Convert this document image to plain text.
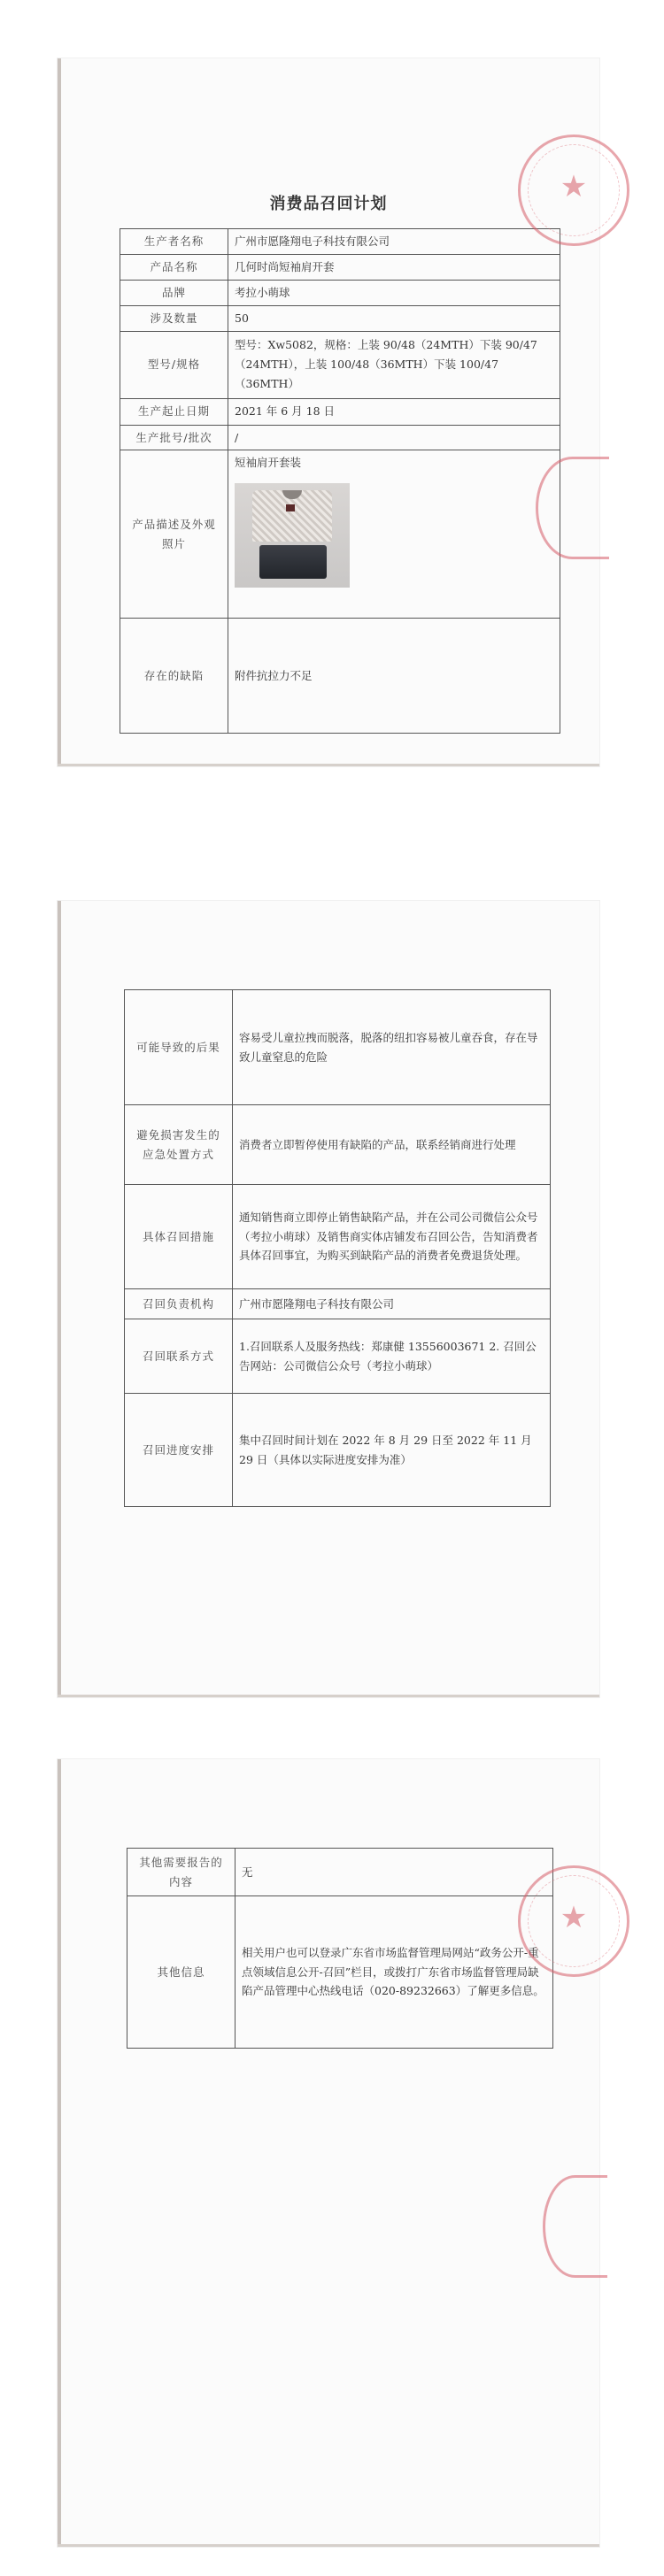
消费品召回计划
生产者名称	广州市愿隆翔电子科技有限公司
产品名称	几何时尚短袖肩开套
品牌	考拉小萌球
涉及数量	50
型号/规格	型号：Xw5082，规格：上装 90/48（24MTH）下装 90/47（24MTH），上装 100/48（36MTH）下装 100/47（36MTH）
生产起止日期	2021 年 6 月 18 日
生产批号/批次	/
产品描述及外观照片	短袖肩开套装

存在的缺陷	附件抗拉力不足
★
可能导致的后果	容易受儿童拉拽而脱落，脱落的纽扣容易被儿童吞食，存在导致儿童窒息的危险
避免损害发生的应急处置方式	消费者立即暂停使用有缺陷的产品，联系经销商进行处理
具体召回措施	通知销售商立即停止销售缺陷产品，并在公司公司微信公众号（考拉小萌球）及销售商实体店铺发布召回公告，告知消费者具体召回事宜，为购买到缺陷产品的消费者免费退货处理。
召回负责机构	广州市愿隆翔电子科技有限公司
召回联系方式	1.召回联系人及服务热线：郑康健 13556003671 2. 召回公告网站：公司微信公众号（考拉小萌球）
召回进度安排	集中召回时间计划在 2022 年 8 月 29 日至 2022 年 11 月 29 日（具体以实际进度安排为准）
其他需要报告的内容	无
其他信息	相关用户也可以登录广东省市场监督管理局网站“政务公开-重点领域信息公开-召回”栏目，或拨打广东省市场监督管理局缺陷产品管理中心热线电话（020-89232663）了解更多信息。
★
